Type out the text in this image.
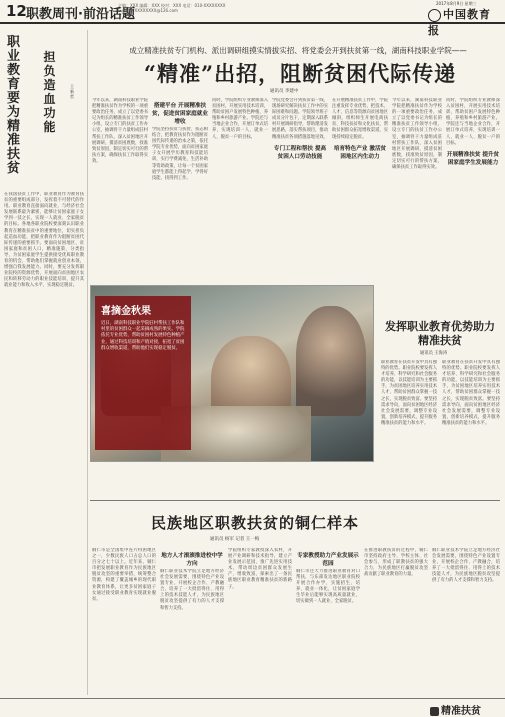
12 职教周刊·前沿话题
主编：XXX 编辑：XXX 校对：XXX 电话：010-XXXXXXXX
E-mail：XXXXXXXX@126.com
2017年8月9日 星期三
中国教育报
职
业
教
育
要
为
精
准
扶
贫
担
负
造
血
功
能
王新哲
在我国扶贫工作中，职业教育作为教育扶贫的重要组成部分，发挥着不可替代的作用。职业教育直接面向就业，与经济社会发展联系最为紧密，能够让贫困家庭子女学到一技之长，实现一人就业、全家脱贫的目标。各地各职业院校要深刻认识职业教育在精准扶贫中的重要地位，切实担负起造血功能，把职业教育作为阻断贫困代际传递的重要抓手。要面向贫困地区、贫困家庭和贫困人口，精准施策，分类指导，为贫困家庭学生提供接受优质职业教育的机会，帮助他们掌握就业创业本领，增强自我发展能力。同时，要充分发挥职业院校的资源优势，开展面向贫困地区农民和转移劳动力的职业技能培训，提升其就业能力和收入水平，实现稳定脱贫。
成立精准扶贫专门机构、派出调研组摸实情拔实招、将党委会开到扶贫第一线，湖南科技职业学院——
“精准”出招，阻断贫困代际传递
通讯员 李建中
今年以来，湖南科技职业学院把精准扶贫作为学校的一项重要政治任务，成立了以党委书记为组长的精准扶贫工作领导小组，设立专门的扶贫工作办公室，抽调骨干力量组成驻村帮扶工作队，深入贫困地区开展调研，摸清贫困底数，找准致贫原因，制定切实可行的帮扶方案，确保扶贫工作取得实效。
搭建平台 开展精准扶贫，促进贫困家庭就业增收
学院坚持扶贫与扶智、扶志相结合，把教育扶贫作为阻断贫困代际传递的治本之策，依托学院专业优势，面向贫困家庭子女开展学历教育和技能培训，实行学费减免、生活补助等资助政策，让每一个贫困家庭学生都能上得起学、学得好技能、找得到工作。
同时，学院组织专业教师深入贫困村，开展实用技术培训，帮助贫困户发展特色种植、养殖和乡村旅游产业。学院还与当地企业合作，开展订单式培养，实现培训一人、就业一人、脱贫一户的目标。
学院党委会开到扶贫第一线，现场研究解决扶贫工作中的实际困难和问题。学院领导班子成员分片包干，定期深入联系村开展调研指导，帮助理清发展思路，落实帮扶项目，推动精准扶贫各项措施落地见效。
专门工程和帮扶 提高贫困人口劳动技能
在开展精准扶贫工作中，学院注重发挥专业优势，把技术、人才、信息等资源向贫困地区倾斜，组织师生开展电商扶贫、科技扶贫和文化扶贫，帮助贫困群众拓宽增收渠道，实现持续稳定脱贫。
培育特色产业 激活贫困地区内生动力
今年以来，湖南科技职业学院把精准扶贫作为学校的一项重要政治任务，成立了以党委书记为组长的精准扶贫工作领导小组，设立专门的扶贫工作办公室，抽调骨干力量组成驻村帮扶工作队，深入贫困地区开展调研，摸清贫困底数，找准致贫原因，制定切实可行的帮扶方案，确保扶贫工作取得实效。
同时，学院组织专业教师深入贫困村，开展实用技术培训，帮助贫困户发展特色种植、养殖和乡村旅游产业。学院还与当地企业合作，开展订单式培养，实现培训一人、就业一人、脱贫一户的目标。
开展精准扶贫 提升贫困家庭学生发展能力
喜摘金秋果
近日，湖南科技职业学院驻村帮扶工作队和村里的贫困群众一起采摘成熟的果实。学院依托专业优势，帮助贫困村发展特色种植产业，通过科技培训和产销对接，拓宽了贫困群众增收渠道，帮助他们实现稳定脱贫。
发挥职业教育优势助力精准扶贫
通讯员 王海涛
职业教育在扶贫开发中具有独特的优势。职业院校要发挥人才培养、科学研究和社会服务的功能，以技能培训为主要抓手，为贫困地区培养实用技术人才，帮助贫困群众掌握一技之长，实现脱贫致富。要坚持需求导向，面向贫困地区经济社会发展需要，调整专业设置，创新培养模式，提升服务精准扶贫的能力和水平。
职业教育在扶贫开发中具有独特的优势。职业院校要发挥人才培养、科学研究和社会服务的功能，以技能培训为主要抓手，为贫困地区培养实用技术人才，帮助贫困群众掌握一技之长，实现脱贫致富。要坚持需求导向，面向贫困地区经济社会发展需要，调整专业设置，创新培养模式，提升服务精准扶贫的能力和水平。
民族地区职教扶贫的铜仁样本
通讯员 杨军 记者 王一梅
铜仁市是全国集中连片特困地区之一，少数民族人口占总人口的百分之七十以上。近年来，铜仁市把发展职业教育作为民族地区脱贫攻坚的重要举措，统筹整合资源，构建了覆盖城乡的现代职业教育体系，让更多贫困家庭子女通过接受职业教育实现就业脱贫。
地方人才滚滚推进校中学方向
铜仁职业技术学院立足地方经济社会发展需要，围绕特色产业设置专业，开展校企合作、产教融合，培养了一大批留得住、用得上的技术技能人才，为民族地区脱贫攻坚提供了有力的人才支撑和智力支持。
学院组织专家教授深入农村，开展产业调研和技术指导，建立产业发展示范园，推广先进实用技术，带动周边贫困群众发展生产、增收致富，探索出了一条民族地区职业教育精准扶贫的新路子。
专家教授助力产业发展示范园
铜仁市还大力推进职业教育对口帮扶，与东部发达地区职业院校开展合作办学，实施招生、培养、就业一体化，让贫困家庭学生毕业后能够实现高质量就业，切实做到一人就业、全家脱贫。
在推进职教扶贫的过程中，铜仁市坚持政府主导、学校主体、社会参与，形成了职教扶贫的强大合力，为民族地区打赢脱贫攻坚战贡献了职业教育的力量。
铜仁职业技术学院立足地方经济社会发展需要，围绕特色产业设置专业，开展校企合作、产教融合，培养了一大批留得住、用得上的技术技能人才，为民族地区脱贫攻坚提供了有力的人才支撑和智力支持。
精准扶贫
